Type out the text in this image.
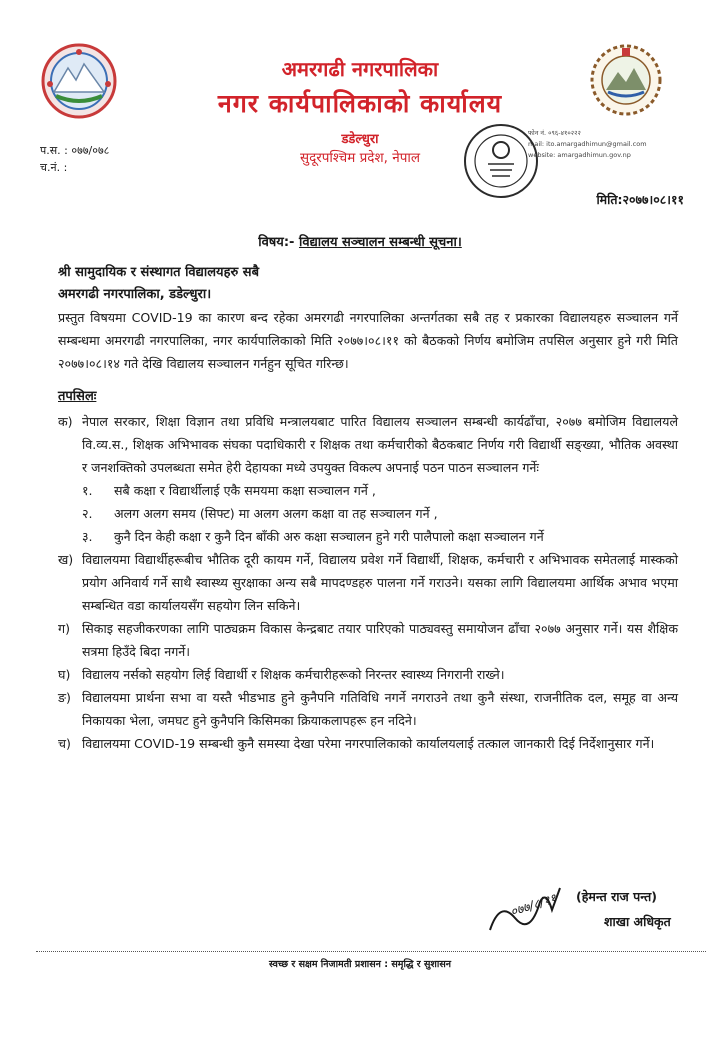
अमरगढी नगरपालिका
नगर कार्यपालिकाको कार्यालय
डडेल्धुरा
सुदूरपश्चिम प्रदेश, नेपाल
प.स. : ०७७/०७८
च.नं. :
फोन नं. ०९६-४१०२२२
mail: ito.amargadhimun@gmail.com
website: amargadhimun.gov.np
मिति:२०७७।०८।११
विषय:- विद्यालय सञ्चालन सम्बन्धी सूचना।
श्री सामुदायिक र संस्थागत विद्यालयहरु सबै
अमरगढी नगरपालिका, डडेल्धुरा।
प्रस्तुत विषयमा COVID-19 का कारण बन्द रहेका अमरगढी नगरपालिका अन्तर्गतका सबै तह र प्रकारका विद्यालयहरु सञ्चालन गर्ने सम्बन्धमा अमरगढी नगरपालिका, नगर कार्यपालिकाको मिति २०७७।०८।११ को बैठकको निर्णय बमोजिम तपसिल अनुसार हुने गरी मिति २०७७।०८।१४ गते देखि विद्यालय सञ्चालन गर्नहुन सूचित गरिन्छ।
तपसिलः
क) नेपाल सरकार, शिक्षा विज्ञान तथा प्रविधि मन्त्रालयबाट पारित विद्यालय सञ्चालन सम्बन्धी कार्यढाँचा, २०७७ बमोजिम विद्यालयले वि.व्य.स., शिक्षक अभिभावक संघका पदाधिकारी र शिक्षक तथा कर्मचारीको बैठकबाट निर्णय गरी विद्यार्थी सङ्ख्या, भौतिक अवस्था र जनशक्तिको उपलब्धता समेत हेरी देहायका मध्ये उपयुक्त विकल्प अपनाई पठन पाठन सञ्चालन गर्नेः
१. सबै कक्षा र विद्यार्थीलाई एकै समयमा कक्षा सञ्चालन गर्ने ,
२. अलग अलग समय (सिफ्ट) मा अलग अलग कक्षा वा तह सञ्चालन गर्ने ,
३. कुनै दिन केही कक्षा र कुनै दिन बाँकी अरु कक्षा सञ्चालन हुने गरी पालैपालो कक्षा सञ्चालन गर्ने
ख) विद्यालयमा विद्यार्थीहरूबीच भौतिक दूरी कायम गर्ने, विद्यालय प्रवेश गर्ने विद्यार्थी, शिक्षक, कर्मचारी र अभिभावक समेतलाई मास्कको प्रयोग अनिवार्य गर्ने साथै स्वास्थ्य सुरक्षाका अन्य सबै मापदण्डहरु पालना गर्ने गराउने। यसका लागि विद्यालयमा आर्थिक अभाव भएमा सम्बन्धित वडा कार्यालयसँग सहयोग लिन सकिने।
ग) सिकाइ सहजीकरणका लागि पाठ्यक्रम विकास केन्द्रबाट तयार पारिएको पाठ्यवस्तु समायोजन ढाँचा २०७७ अनुसार गर्ने। यस शैक्षिक सत्रमा हिउँदे बिदा नगर्ने।
घ) विद्यालय नर्सको सहयोग लिई विद्यार्थी र शिक्षक कर्मचारीहरूको निरन्तर स्वास्थ्य निगरानी राख्ने।
ङ) विद्यालयमा प्रार्थना सभा वा यस्तै भीडभाड हुने कुनैपनि गतिविधि नगर्ने नगराउने तथा कुनै संस्था, राजनीतिक दल, समूह वा अन्य निकायका भेला, जमघट हुने कुनैपनि किसिमका क्रियाकलापहरू हन नदिने।
च) विद्यालयमा COVID-19 सम्बन्धी कुनै समस्या देखा परेमा नगरपालिकाको कार्यालयलाई तत्काल जानकारी दिई निर्देशानुसार गर्ने।
०७७/८/११ (हेमन्त राज पन्त)
शाखा अधिकृत
स्वच्छ र सक्षम निजामती प्रशासन : समृद्धि र सुशासन
